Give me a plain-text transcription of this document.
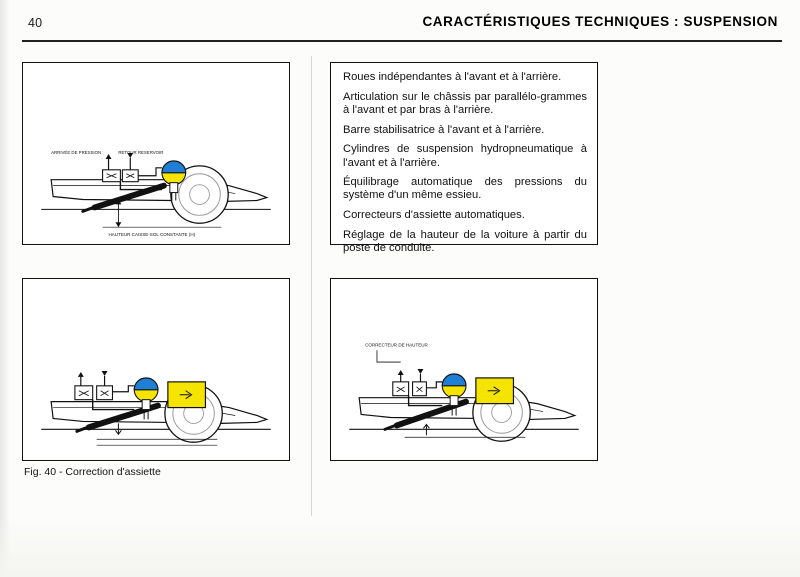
40	CARACTÉRISTIQUES TECHNIQUES : SUSPENSION
ARRIVÉE DE PRESSION	RETOUR RESERVOIR
HAUTEUR CAISSE-SOL CONSTANTE (H)
Roues indépendantes à l'avant et à l'arrière.
Articulation sur le châssis par parallélo-grammes à l'avant et par bras à l'arrière.
Barre stabilisatrice à l'avant et à l'arrière.
Cylindres de suspension hydropneumatique à l'avant et à l'arrière.
Équilibrage automatique des pressions du système d'un même essieu.
Correcteurs d'assiette automatiques.
Réglage de la hauteur de la voiture à partir du poste de conduite.
CORRECTEUR DE HAUTEUR
Fig. 40 - Correction d'assiette
